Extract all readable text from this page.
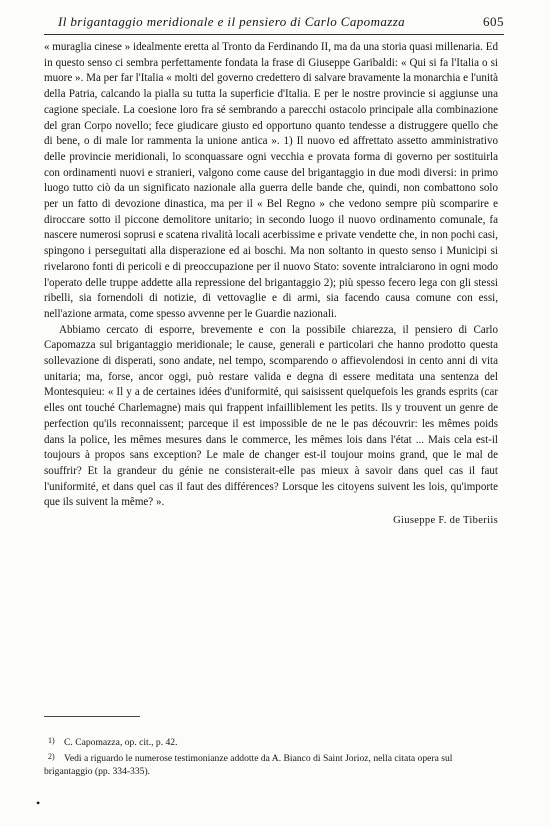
Il brigantaggio meridionale e il pensiero di Carlo Capomazza	605

« muraglia cinese » idealmente eretta al Tronto da Ferdinando II, ma da una storia quasi millenaria. Ed in questo senso ci sembra perfettamente fondata la frase di Giuseppe Garibaldi: « Qui si fa l'Italia o si muore ». Ma per far l'Italia « molti del governo credettero di salvare bravamente la monarchia e l'unità della Patria, calcando la pialla su tutta la superficie d'Italia. E per le nostre provincie si aggiunse una cagione speciale. La coesione loro fra sé sembrando a parecchi ostacolo principale alla combinazione del gran Corpo novello; fece giudicare giusto ed opportuno quanto tendesse a distruggere quello che di bene, o di male lor rammenta la unione antica ». 1) Il nuovo ed affrettato assetto amministrativo delle provincie meridionali, lo sconquassare ogni vecchia e provata forma di governo per sostituirla con ordinamenti nuovi e stranieri, valgono come cause del brigantaggio in due modi diversi: in primo luogo tutto ciò da un significato nazionale alla guerra delle bande che, quindi, non combattono solo per un fatto di devozione dinastica, ma per il « Bel Regno » che vedono sempre più scomparire e diroccare sotto il piccone demolitore unitario; in secondo luogo il nuovo ordinamento comunale, fa nascere numerosi soprusi e scatena rivalità locali acerbissime e private vendette che, in non pochi casi, spingono i perseguitati alla disperazione ed ai boschi. Ma non soltanto in questo senso i Municipi si rivelarono fonti di pericoli e di preoccupazione per il nuovo Stato: sovente intralciarono in ogni modo l'operato delle truppe addette alla repressione del brigantaggio 2); più spesso fecero lega con gli stessi ribelli, sia fornendoli di notizie, di vettovaglie e di armi, sia facendo causa comune con essi, nell'azione armata, come spesso avvenne per le Guardie nazionali.

Abbiamo cercato di esporre, brevemente e con la possibile chiarezza, il pensiero di Carlo Capomazza sul brigantaggio meridionale; le cause, generali e particolari che hanno prodotto questa sollevazione di disperati, sono andate, nel tempo, scomparendo o affievolendosi in cento anni di vita unitaria; ma, forse, ancor oggi, può restare valida e degna di essere meditata una sentenza del Montesquieu: « Il y a de certaines idées d'uniformité, qui saisissent quelquefois les grands esprits (car elles ont touché Charlemagne) mais qui frappent infailliblement les petits. Ils y trouvent un genre de perfection qu'ils reconnaissent; parceque il est impossible de ne le pas découvrir: les mêmes poids dans la police, les mêmes mesures dans le commerce, les mêmes lois dans l'état ... Mais cela est-il toujours à propos sans exception? Le male de changer est-il toujour moins grand, que le mal de souffrir? Et la grandeur du génie ne consisterait-elle pas mieux à savoir dans quel cas il faut l'uniformité, et dans quel cas il faut des différences? Lorsque les citoyens suivent les lois, qu'importe que ils suivent la même? ».

Giuseppe F. de Tiberiis

1) C. Capomazza, op. cit., p. 42.

2) Vedi a riguardo le numerose testimonianze addotte da A. Bianco di Saint Jorioz, nella citata opera sul brigantaggio (pp. 334-335).

•
